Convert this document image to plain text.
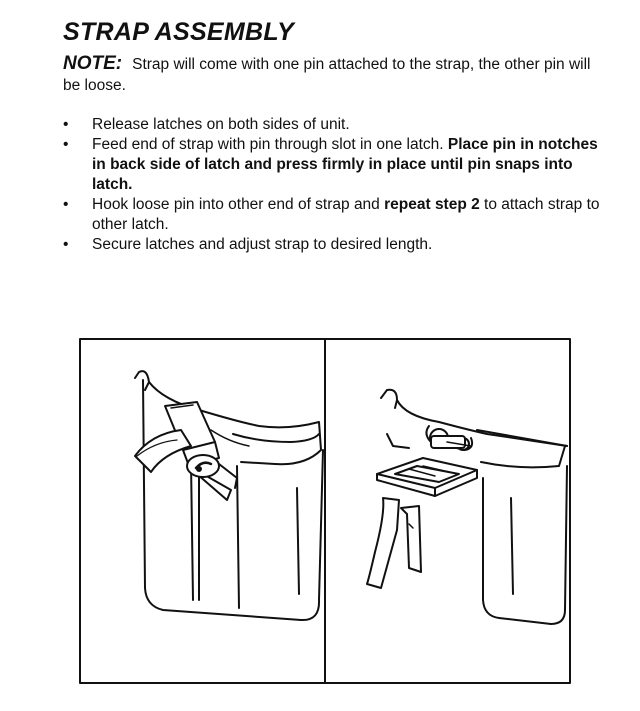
STRAP ASSEMBLY

NOTE: Strap will come with one pin attached to the strap, the other pin will be loose.

• Release latches on both sides of unit.
• Feed end of strap with pin through slot in one latch. Place pin in notches in back side of latch and press firmly in place until pin snaps into latch.
• Hook loose pin into other end of strap and repeat step 2 to attach strap to other latch.
• Secure latches and adjust strap to desired length.
